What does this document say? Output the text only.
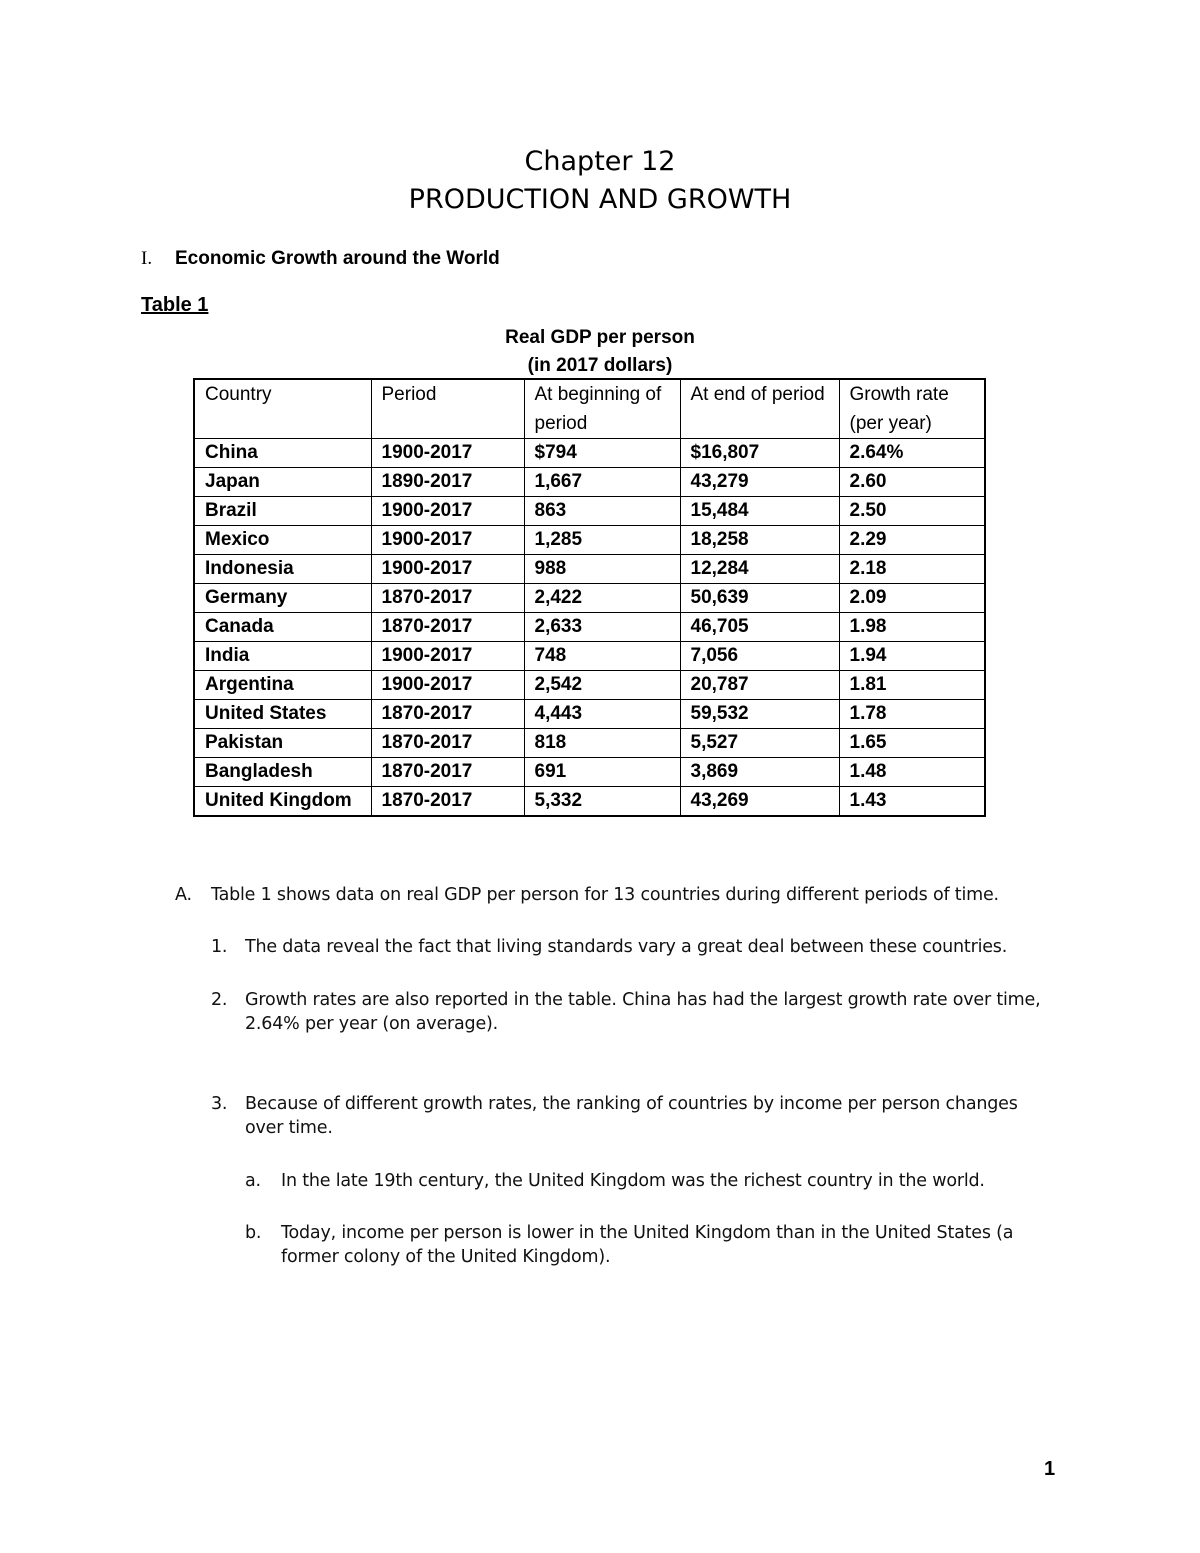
Chapter 12
PRODUCTION AND GROWTH
I. Economic Growth around the World
Table 1
Real GDP per person
(in 2017 dollars)
Country	Period	At beginning of period	At end of period	Growth rate (per year)
China	1900-2017	$794	$16,807	2.64%
Japan	1890-2017	1,667	43,279	2.60
Brazil	1900-2017	863	15,484	2.50
Mexico	1900-2017	1,285	18,258	2.29
Indonesia	1900-2017	988	12,284	2.18
Germany	1870-2017	2,422	50,639	2.09
Canada	1870-2017	2,633	46,705	1.98
India	1900-2017	748	7,056	1.94
Argentina	1900-2017	2,542	20,787	1.81
United States	1870-2017	4,443	59,532	1.78
Pakistan	1870-2017	818	5,527	1.65
Bangladesh	1870-2017	691	3,869	1.48
United Kingdom	1870-2017	5,332	43,269	1.43
A. Table 1 shows data on real GDP per person for 13 countries during different periods of time.
1. The data reveal the fact that living standards vary a great deal between these countries.
2. Growth rates are also reported in the table. China has had the largest growth rate over time, 2.64% per year (on average).
3. Because of different growth rates, the ranking of countries by income per person changes over time.
a. In the late 19th century, the United Kingdom was the richest country in the world.
b. Today, income per person is lower in the United Kingdom than in the United States (a former colony of the United Kingdom).
1
